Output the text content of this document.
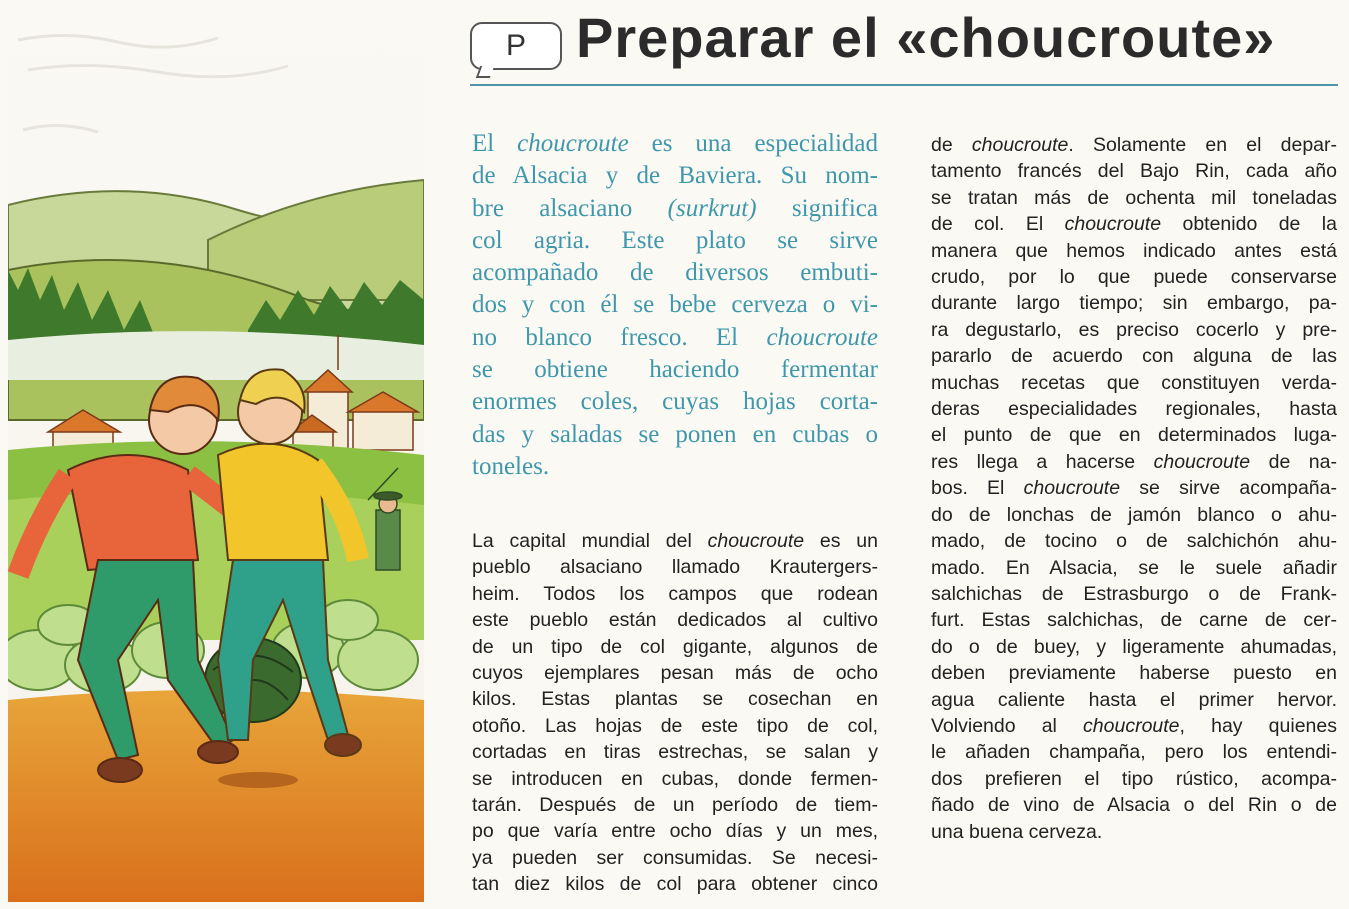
P Preparar el «choucroute»
El choucroute es una especialidad
de Alsacia y de Baviera. Su nom-
bre alsaciano (surkrut) significa
col agria. Este plato se sirve
acompañado de diversos embuti-
dos y con él se bebe cerveza o vi-
no blanco fresco. El choucroute
se obtiene haciendo fermentar
enormes coles, cuyas hojas corta-
das y saladas se ponen en cubas o
toneles.
La capital mundial del choucroute es un
pueblo alsaciano llamado Krautergers-
heim. Todos los campos que rodean
este pueblo están dedicados al cultivo
de un tipo de col gigante, algunos de
cuyos ejemplares pesan más de ocho
kilos. Estas plantas se cosechan en
otoño. Las hojas de este tipo de col,
cortadas en tiras estrechas, se salan y
se introducen en cubas, donde fermen-
tarán. Después de un período de tiem-
po que varía entre ocho días y un mes,
ya pueden ser consumidas. Se necesi-
tan diez kilos de col para obtener cinco
de choucroute. Solamente en el depar-
tamento francés del Bajo Rin, cada año
se tratan más de ochenta mil toneladas
de col. El choucroute obtenido de la
manera que hemos indicado antes está
crudo, por lo que puede conservarse
durante largo tiempo; sin embargo, pa-
ra degustarlo, es preciso cocerlo y pre-
pararlo de acuerdo con alguna de las
muchas recetas que constituyen verda-
deras especialidades regionales, hasta
el punto de que en determinados luga-
res llega a hacerse choucroute de na-
bos. El choucroute se sirve acompaña-
do de lonchas de jamón blanco o ahu-
mado, de tocino o de salchichón ahu-
mado. En Alsacia, se le suele añadir
salchichas de Estrasburgo o de Frank-
furt. Estas salchichas, de carne de cer-
do o de buey, y ligeramente ahumadas,
deben previamente haberse puesto en
agua caliente hasta el primer hervor.
Volviendo al choucroute, hay quienes
le añaden champaña, pero los entendi-
dos prefieren el tipo rústico, acompa-
ñado de vino de Alsacia o del Rin o de
una buena cerveza.
